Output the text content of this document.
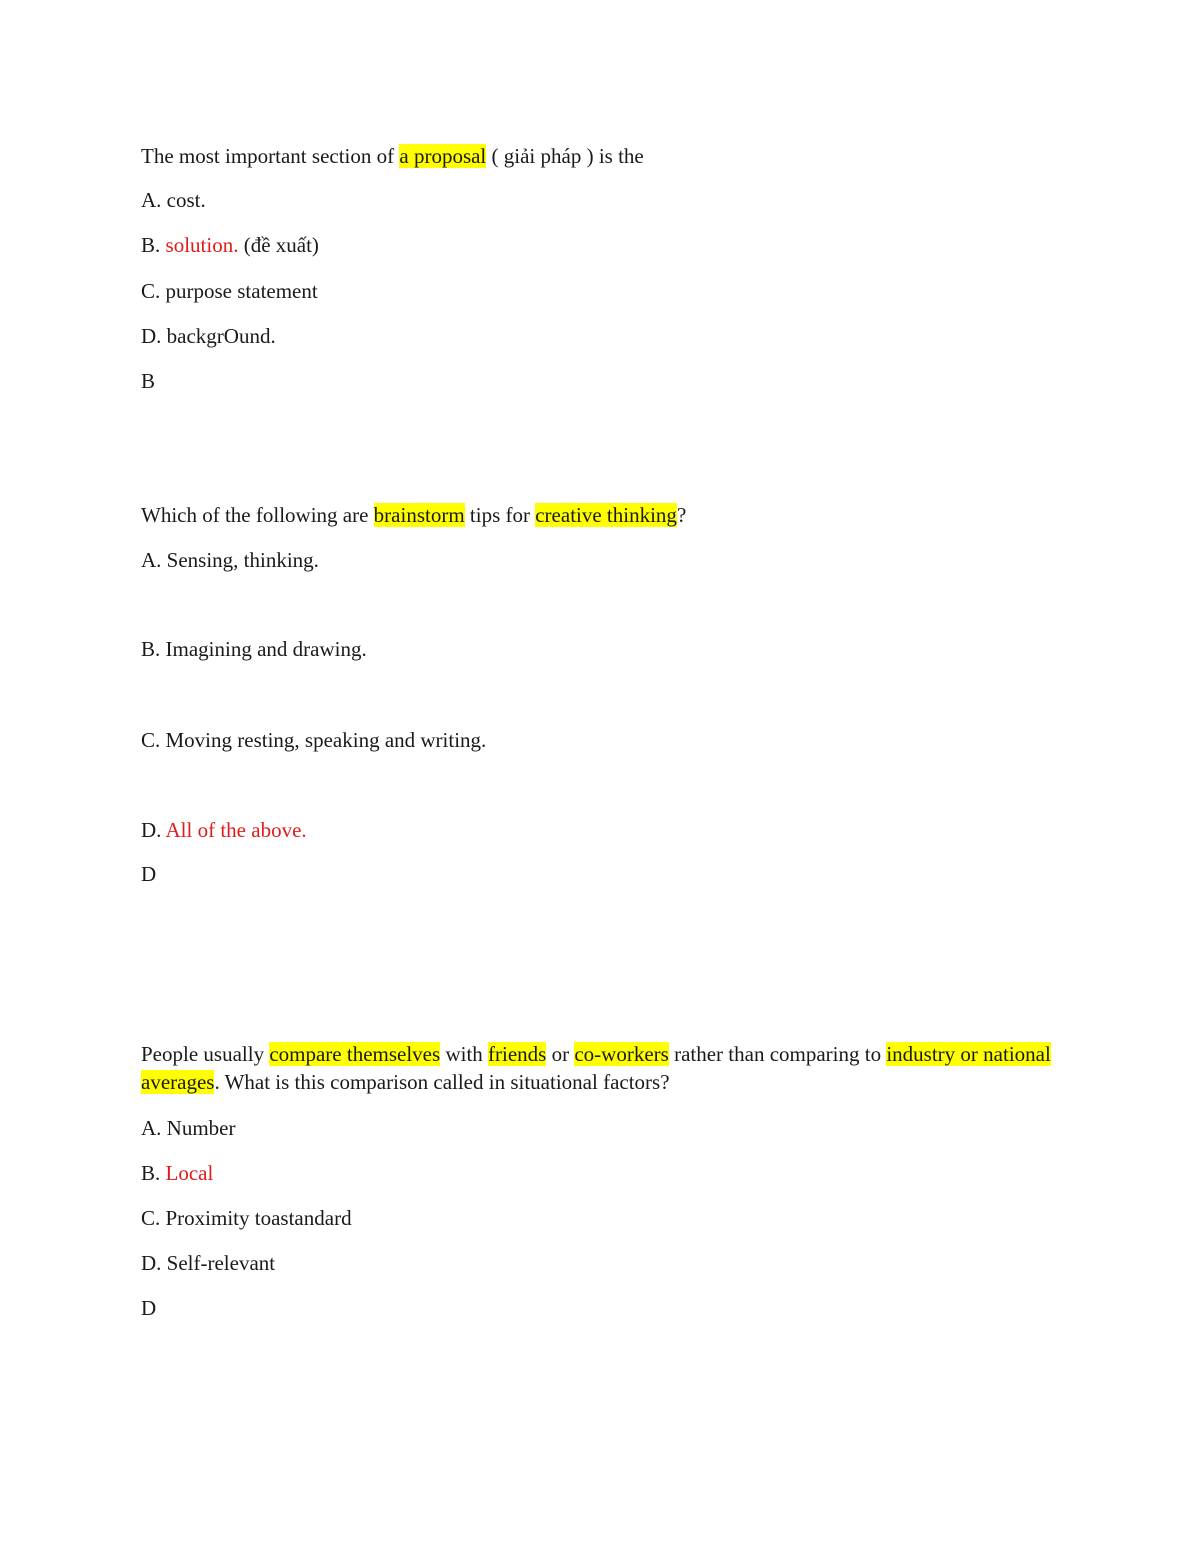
The most important section of a proposal ( giải pháp ) is the
A. cost.
B. solution. (đề xuất)
C. purpose statement
D. backgrOund.
B
Which of the following are brainstorm tips for creative thinking?
A. Sensing, thinking.
B. Imagining and drawing.
C. Moving resting, speaking and writing.
D. All of the above.
D
People usually compare themselves with friends or co-workers rather than comparing to industry or national averages. What is this comparison called in situational factors?
A. Number
B. Local
C. Proximity toastandard
D. Self-relevant
D
